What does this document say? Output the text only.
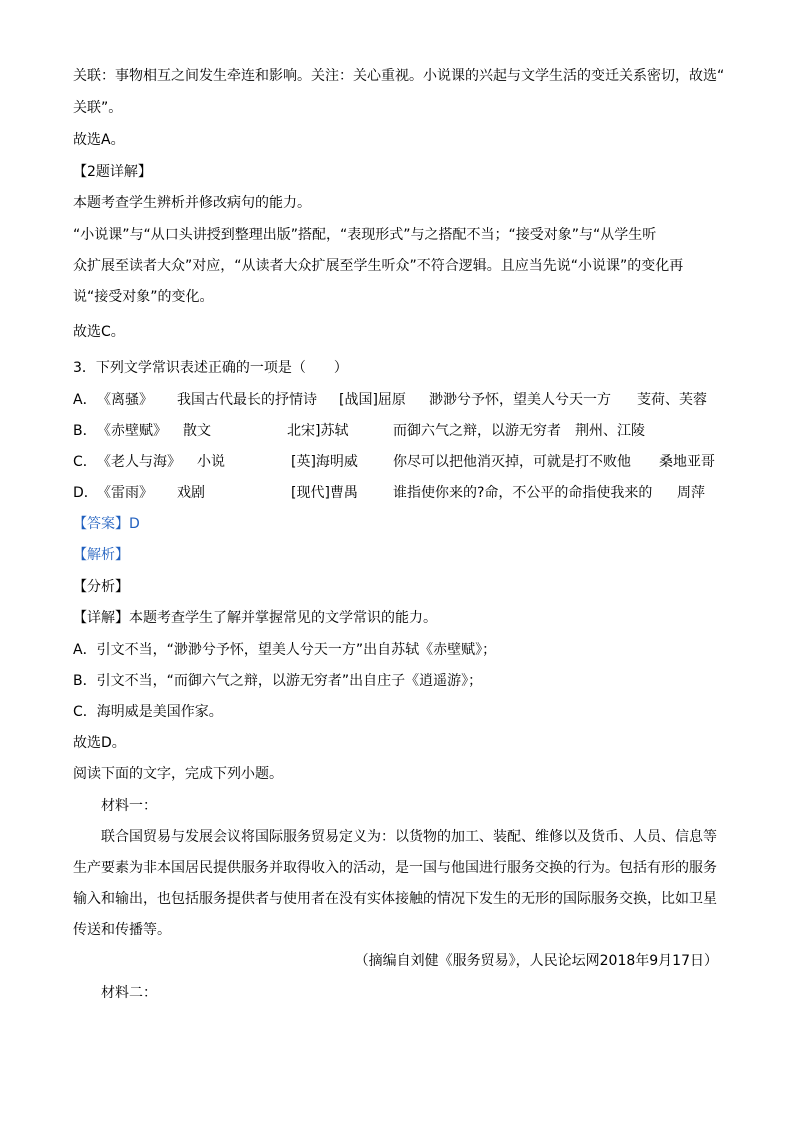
关联：事物相互之间发生牵连和影响。关注：关心重视。小说课的兴起与文学生活的变迁关系密切，故选“
关联”。
故选A。
【2题详解】
本题考查学生辨析并修改病句的能力。
“小说课”与“从口头讲授到整理出版”搭配，“表现形式”与之搭配不当；“接受对象”与“从学生听
众扩展至读者大众”对应，“从读者大众扩展至学生听众”不符合逻辑。且应当先说“小说课”的变化再
说“接受对象”的变化。
故选C。
3．下列文学常识表述正确的一项是（　　）
A． 《离骚》 我国古代最长的抒情诗 [战国]屈原 渺渺兮予怀，望美人兮天一方 芰荷、芙蓉
B． 《赤壁赋》 散文	北宋]苏轼	而御六气之辩，以游无穷者 荆州、江陵
C． 《老人与海》 小说	[英]海明威	你尽可以把他消灭掉，可就是打不败他 桑地亚哥
D． 《雷雨》 戏剧	[现代]曹禺	谁指使你来的?命，不公平的命指使我来的 周萍
【答案】D
【解析】
【分析】
【详解】本题考查学生了解并掌握常见的文学常识的能力。
A．引文不当，“渺渺兮予怀，望美人兮天一方”出自苏轼《赤壁赋》；
B．引文不当，“而御六气之辩，以游无穷者”出自庄子《逍遥游》；
C．海明威是美国作家。
故选D。
阅读下面的文字，完成下列小题。
材料一：
联合国贸易与发展会议将国际服务贸易定义为：以货物的加工、装配、维修以及货币、人员、信息等
生产要素为非本国居民提供服务并取得收入的活动，是一国与他国进行服务交换的行为。包括有形的服务
输入和输出，也包括服务提供者与使用者在没有实体接触的情况下发生的无形的国际服务交换，比如卫星
传送和传播等。
（摘编自刘健《服务贸易》，人民论坛网2018年9月17日）
材料二：
